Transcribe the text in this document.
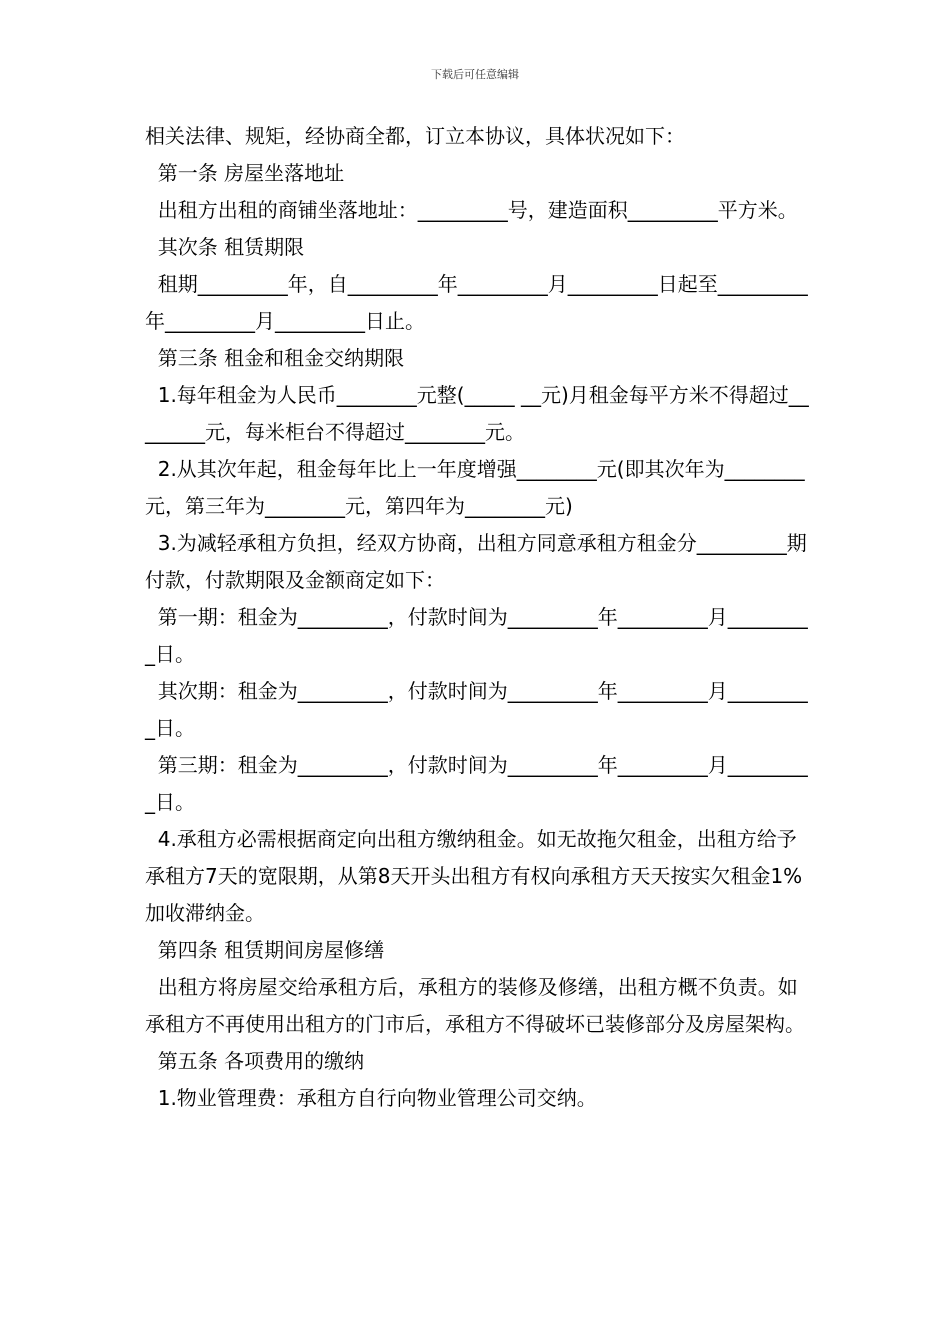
下载后可任意编辑

相关法律、规矩，经协商全都，订立本协议，具体状况如下：

第一条 房屋坐落地址

出租方出租的商铺坐落地址：_________号，建造面积_________平方米。

其次条 租赁期限

租期_________年，自_________年_________月_________日起至_________年_________月_________日止。

第三条 租金和租金交纳期限

1.每年租金为人民币________元整(_____ __元)月租金每平方米不得超过________元，每米柜台不得超过________元。

2.从其次年起，租金每年比上一年度增强________元(即其次年为________元，第三年为________元，第四年为________元)

3.为减轻承租方负担，经双方协商，出租方同意承租方租金分_________期付款，付款期限及金额商定如下：

第一期：租金为_________，付款时间为_________年_________月_________日。

其次期：租金为_________，付款时间为_________年_________月_________日。

第三期：租金为_________，付款时间为_________年_________月_________日。

4.承租方必需根据商定向出租方缴纳租金。如无故拖欠租金，出租方给予承租方7天的宽限期，从第8天开头出租方有权向承租方天天按实欠租金1%加收滞纳金。

第四条 租赁期间房屋修缮

出租方将房屋交给承租方后，承租方的装修及修缮，出租方概不负责。如承租方不再使用出租方的门市后，承租方不得破坏已装修部分及房屋架构。

第五条 各项费用的缴纳

1.物业管理费：承租方自行向物业管理公司交纳。
